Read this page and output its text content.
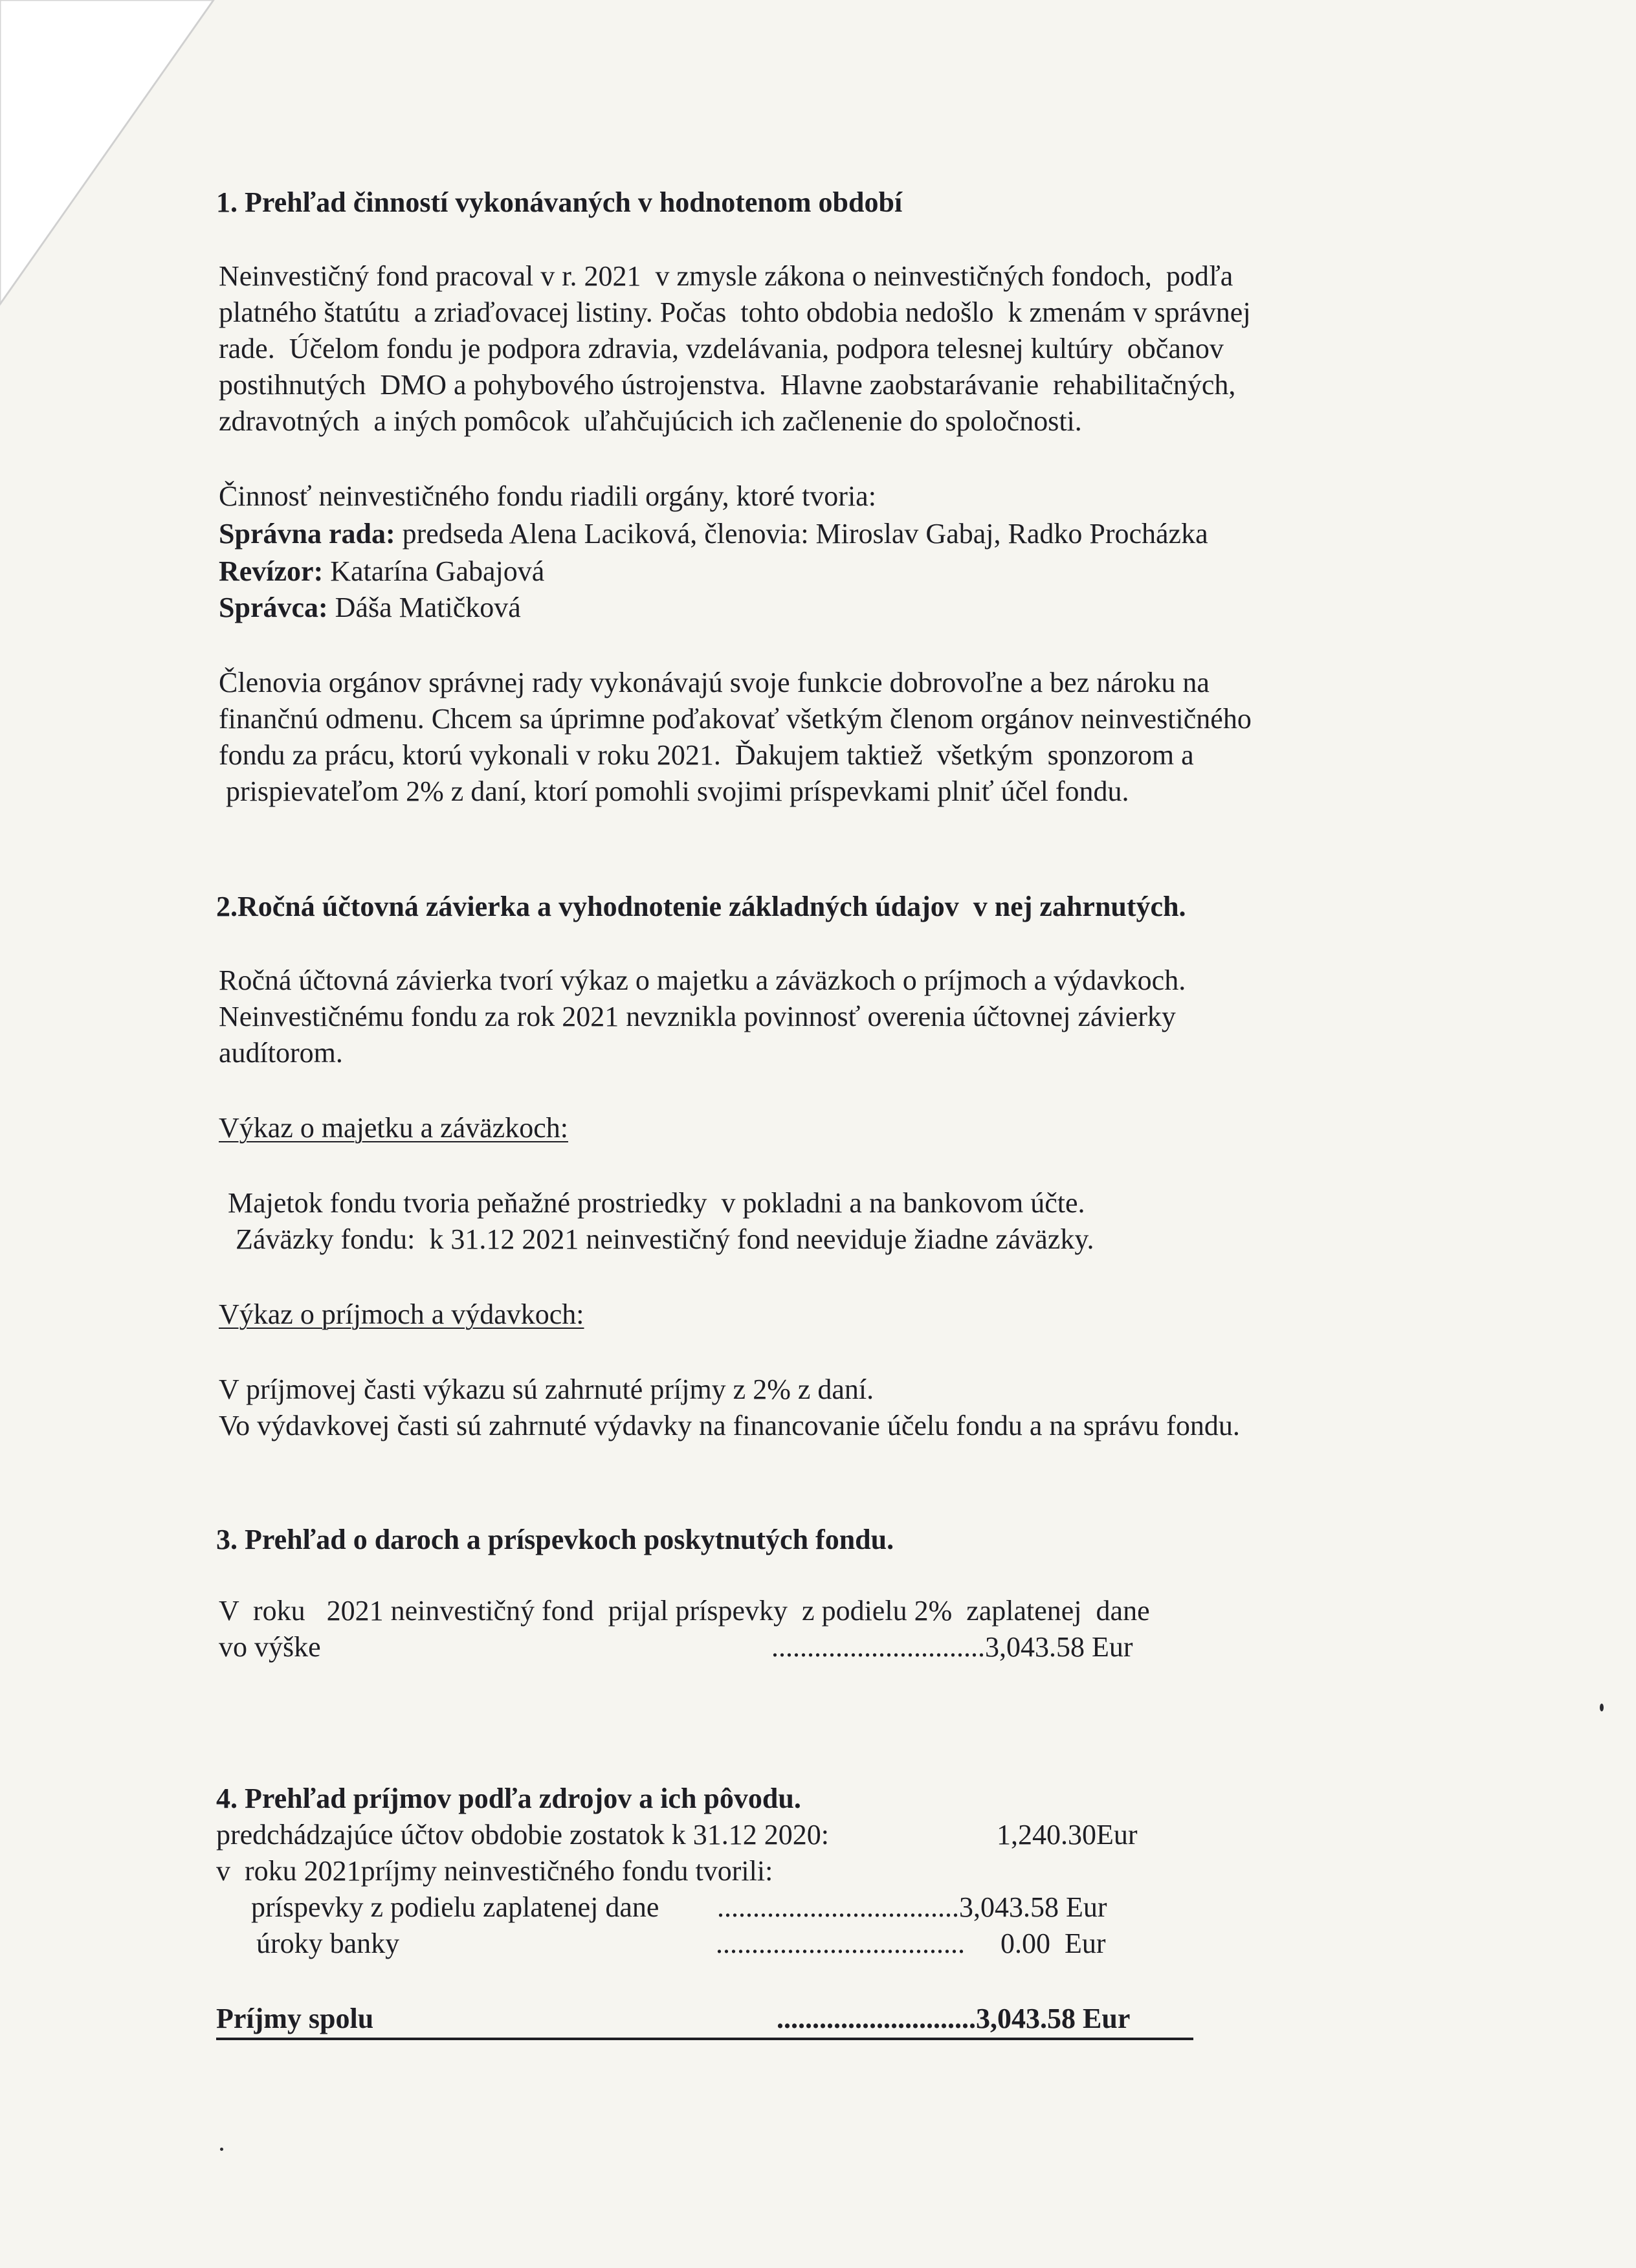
1. Prehľad činností vykonávaných v hodnotenom období
Neinvestičný fond pracoval v r. 2021  v zmysle zákona o neinvestičných fondoch,  podľa
platného štatútu  a zriaďovacej listiny. Počas  tohto obdobia nedošlo  k zmenám v správnej
rade.  Účelom fondu je podpora zdravia, vzdelávania, podpora telesnej kultúry  občanov
postihnutých  DMO a pohybového ústrojenstva.  Hlavne zaobstarávanie  rehabilitačných,
zdravotných  a iných pomôcok  uľahčujúcich ich začlenenie do spoločnosti.
Činnosť neinvestičného fondu riadili orgány, ktoré tvoria:
Správna rada: predseda Alena Laciková, členovia: Miroslav Gabaj, Radko Procházka
Revízor: Katarína Gabajová
Správca: Dáša Matičková
Členovia orgánov správnej rady vykonávajú svoje funkcie dobrovoľne a bez nároku na
finančnú odmenu. Chcem sa úprimne poďakovať všetkým členom orgánov neinvestičného
fondu za prácu, ktorú vykonali v roku 2021.  Ďakujem taktiež  všetkým  sponzorom a
prispievateľom 2% z daní, ktorí pomohli svojimi príspevkami plniť účel fondu.
2.Ročná účtovná závierka a vyhodnotenie základných údajov  v nej zahrnutých.
Ročná účtovná závierka tvorí výkaz o majetku a záväzkoch o príjmoch a výdavkoch.
Neinvestičnému fondu za rok 2021 nevznikla povinnosť overenia účtovnej závierky
audítorom.
Výkaz o majetku a záväzkoch:
Majetok fondu tvoria peňažné prostriedky  v pokladni a na bankovom účte.
Záväzky fondu:  k 31.12 2021 neinvestičný fond neeviduje žiadne záväzky.
Výkaz o príjmoch a výdavkoch:
V príjmovej časti výkazu sú zahrnuté príjmy z 2% z daní.
Vo výdavkovej časti sú zahrnuté výdavky na financovanie účelu fondu a na správu fondu.
3. Prehľad o daroch a príspevkoch poskytnutých fondu.
V  roku   2021 neinvestičný fond  prijal príspevky  z podielu 2%  zaplatenej  dane
vo výške	..............................3,043.58 Eur
4. Prehľad príjmov podľa zdrojov a ich pôvodu.
predchádzajúce účtov obdobie zostatok k 31.12 2020:	1,240.30Eur
v  roku 2021príjmy neinvestičného fondu tvorili:
príspevky z podielu zaplatenej dane ..................................3,043.58 Eur
úroky banky	...................................     0.00  Eur
Príjmy spolu	............................3,043.58 Eur
